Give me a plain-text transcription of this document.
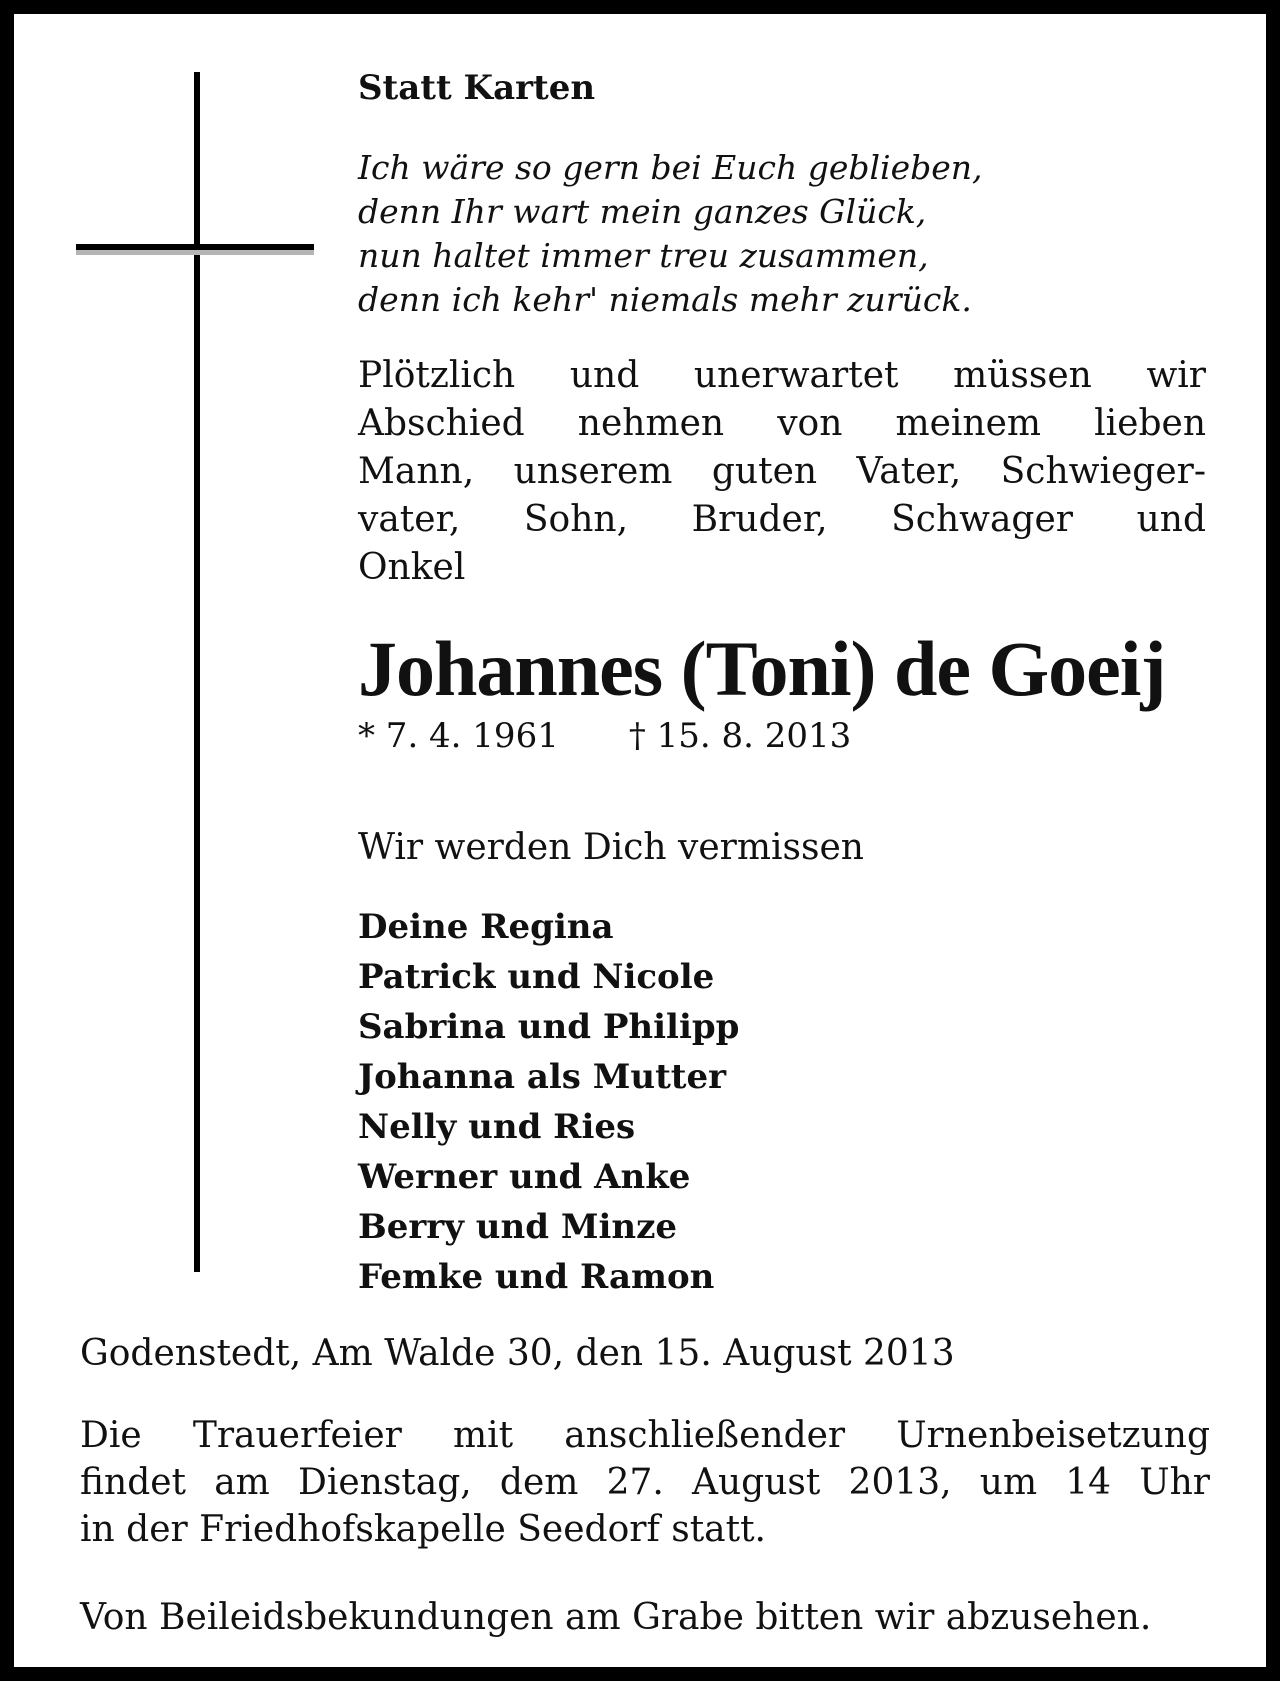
Statt Karten
Ich wäre so gern bei Euch geblieben,
denn Ihr wart mein ganzes Glück,
nun haltet immer treu zusammen,
denn ich kehr' niemals mehr zurück.
Plötzlich und unerwartet müssen wir
Abschied nehmen von meinem lieben
Mann, unserem guten Vater, Schwieger-
vater, Sohn, Bruder, Schwager und
Onkel
Johannes (Toni) de Goeij
* 7. 4. 1961 † 15. 8. 2013
Wir werden Dich vermissen
Deine Regina
Patrick und Nicole
Sabrina und Philipp
Johanna als Mutter
Nelly und Ries
Werner und Anke
Berry und Minze
Femke und Ramon
Godenstedt, Am Walde 30, den 15. August 2013
Die Trauerfeier mit anschließender Urnenbeisetzung
findet am Dienstag, dem 27. August 2013, um 14 Uhr
in der Friedhofskapelle Seedorf statt.
Von Beileidsbekundungen am Grabe bitten wir abzusehen.
